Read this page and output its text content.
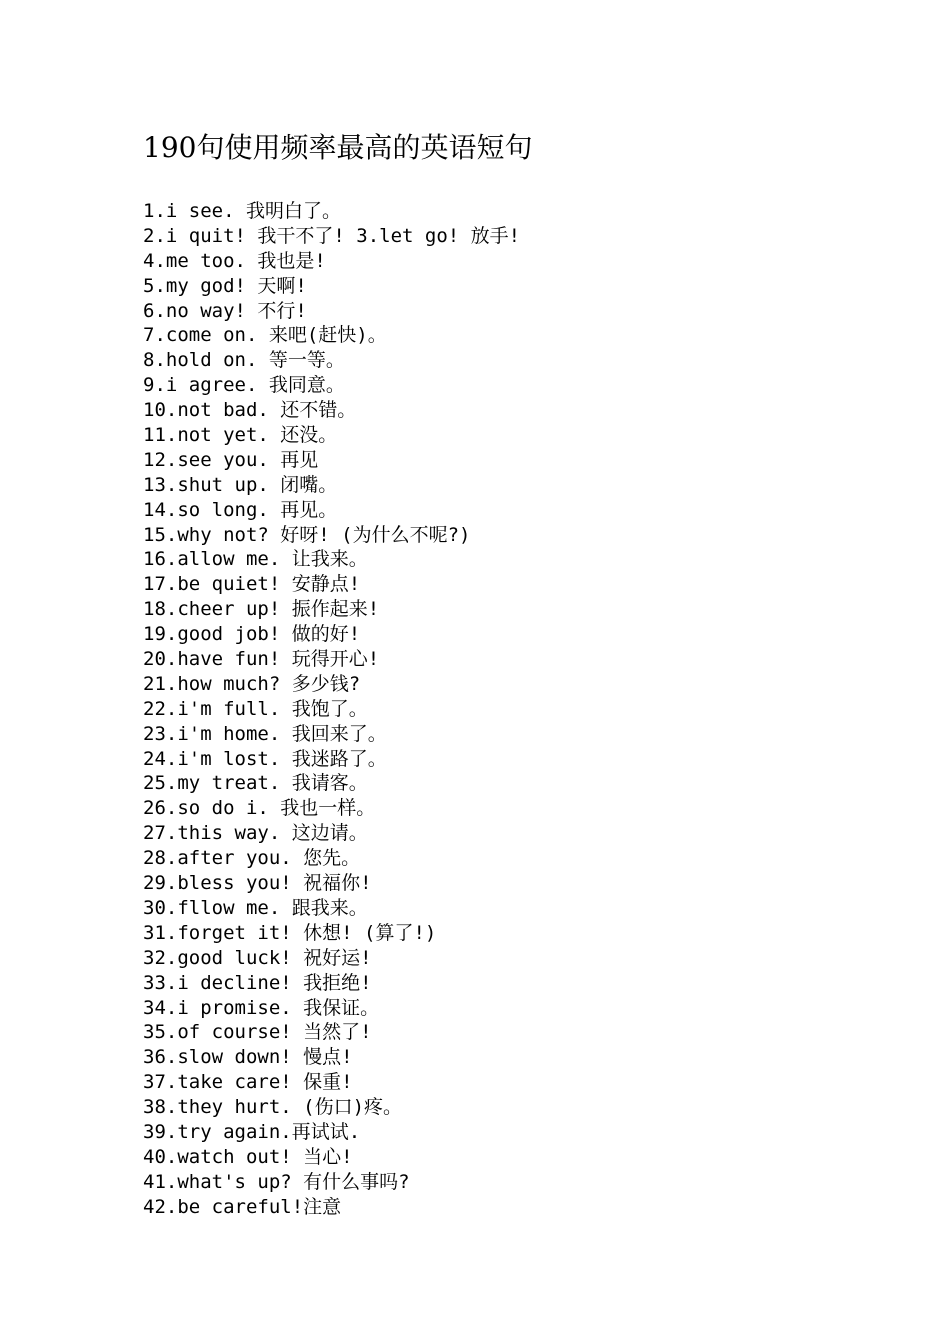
190句使用频率最高的英语短句
1.i see. 我明白了。
2.i quit! 我干不了! 3.let go! 放手!
4.me too. 我也是!
5.my god! 天啊!
6.no way! 不行!
7.come on. 来吧(赶快)。
8.hold on. 等一等。
9.i agree. 我同意。
10.not bad. 还不错。
11.not yet. 还没。
12.see you. 再见
13.shut up. 闭嘴。
14.so long. 再见。
15.why not? 好呀! (为什么不呢?)
16.allow me. 让我来。
17.be quiet! 安静点!
18.cheer up! 振作起来!
19.good job! 做的好!
20.have fun! 玩得开心!
21.how much? 多少钱?
22.i'm full. 我饱了。
23.i'm home. 我回来了。
24.i'm lost. 我迷路了。
25.my treat. 我请客。
26.so do i. 我也一样。
27.this way. 这边请。
28.after you. 您先。
29.bless you! 祝福你!
30.fllow me. 跟我来。
31.forget it! 休想! (算了!)
32.good luck! 祝好运!
33.i decline! 我拒绝!
34.i promise. 我保证。
35.of course! 当然了!
36.slow down! 慢点!
37.take care! 保重!
38.they hurt. (伤口)疼。
39.try again.再试试.
40.watch out! 当心!
41.what's up? 有什么事吗?
42.be careful!注意
